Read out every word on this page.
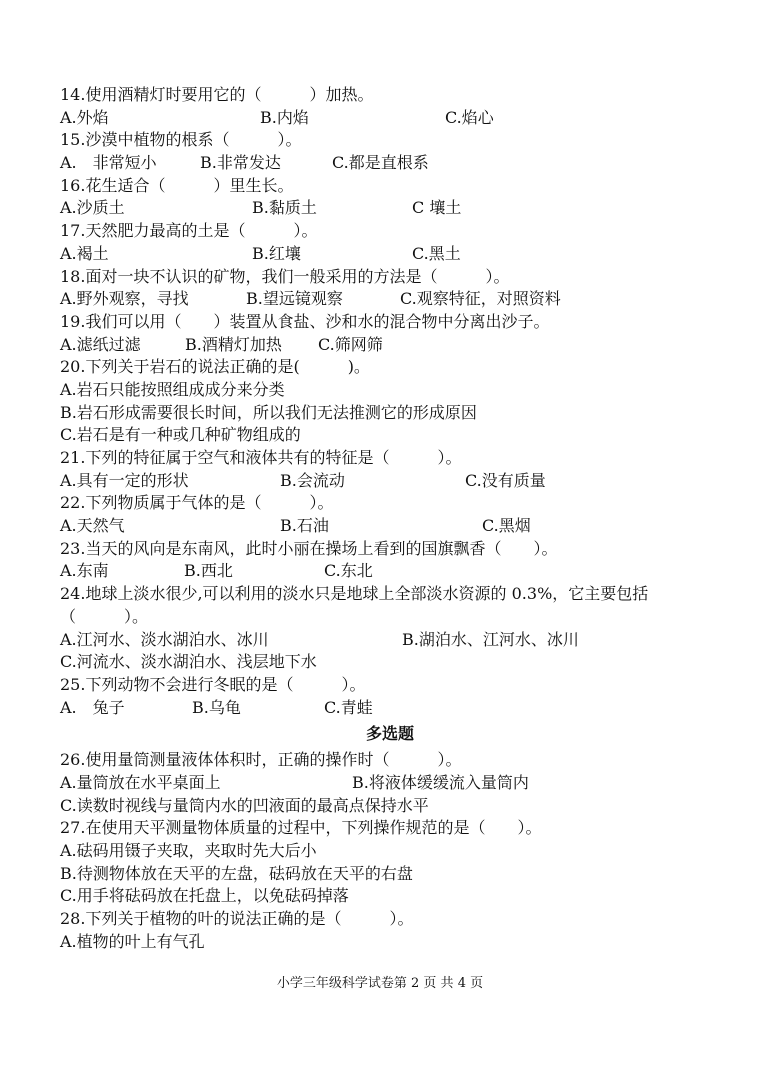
14.使用酒精灯时要用它的（　　　）加热。
A.外焰	B.内焰	C.焰心
15.沙漠中植物的根系（　　　）。
A.　非常短小	B.非常发达	C.都是直根系
16.花生适合（　　　）里生长。
A.沙质土	B.黏质土	C 壤土
17.天然肥力最高的土是（　　　）。
A.褐土	B.红壤	C.黑土
18.面对一块不认识的矿物，我们一般采用的方法是（　　　）。
A.野外观察，寻找	B.望远镜观察	C.观察特征，对照资料
19.我们可以用（　　）装置从食盐、沙和水的混合物中分离出沙子。
A.滤纸过滤	B.酒精灯加热 C.筛网筛
20.下列关于岩石的说法正确的是(　　　)。
A.岩石只能按照组成成分来分类
B.岩石形成需要很长时间，所以我们无法推测它的形成原因
C.岩石是有一种或几种矿物组成的
21.下列的特征属于空气和液体共有的特征是（　　　）。
A.具有一定的形状	B.会流动	C.没有质量
22.下列物质属于气体的是（　　　）。
A.天然气	B.石油	C.黑烟
23.当天的风向是东南风，此时小丽在操场上看到的国旗飘香（　　）。
A.东南	B.西北	C.东北
24.地球上淡水很少,可以利用的淡水只是地球上全部淡水资源的 0.3%，它主要包括
（　　　）。
A.江河水、淡水湖泊水、冰川	B.湖泊水、江河水、冰川
C.河流水、淡水湖泊水、浅层地下水
25.下列动物不会进行冬眠的是（　　　）。
A.　兔子	B.乌龟	C.青蛙
多选题
26.使用量筒测量液体体积时，正确的操作时（　　　）。
A.量筒放在水平桌面上	B.将液体缓缓流入量筒内
C.读数时视线与量筒内水的凹液面的最高点保持水平
27.在使用天平测量物体质量的过程中，下列操作规范的是（　　）。
A.砝码用镊子夹取，夹取时先大后小
B.待测物体放在天平的左盘，砝码放在天平的右盘
C.用手将砝码放在托盘上，以免砝码掉落
28.下列关于植物的叶的说法正确的是（　　　）。
A.植物的叶上有气孔
小学三年级科学试卷第 2 页 共 4 页
